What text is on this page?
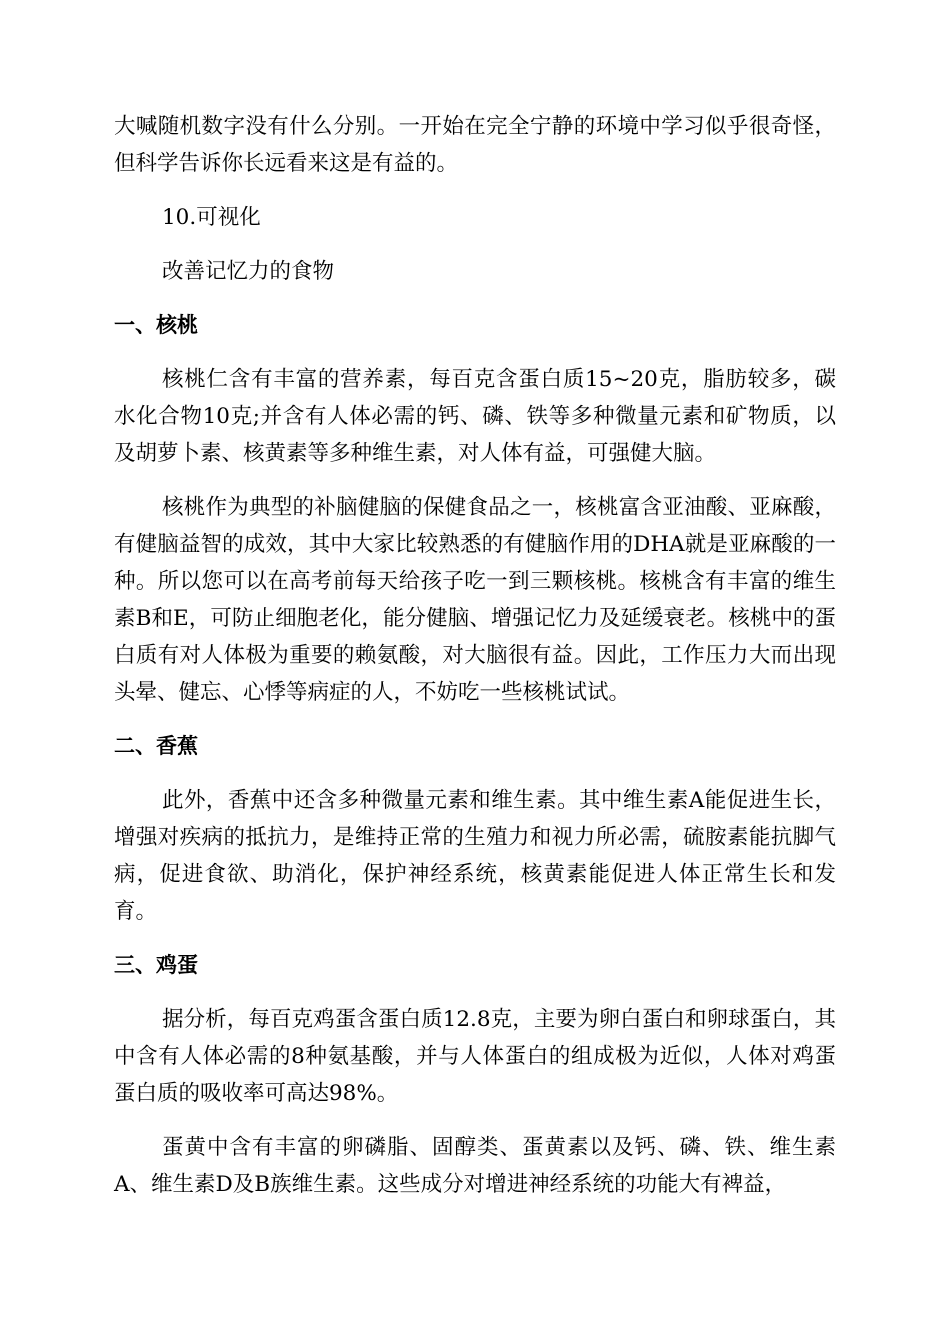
大喊随机数字没有什么分别。一开始在完全宁静的环境中学习似乎很奇怪，但科学告诉你长远看来这是有益的。

10.可视化

改善记忆力的食物

一、核桃

核桃仁含有丰富的营养素，每百克含蛋白质15~20克，脂肪较多，碳水化合物10克;并含有人体必需的钙、磷、铁等多种微量元素和矿物质，以及胡萝卜素、核黄素等多种维生素，对人体有益，可强健大脑。

核桃作为典型的补脑健脑的保健食品之一，核桃富含亚油酸、亚麻酸，有健脑益智的成效，其中大家比较熟悉的有健脑作用的DHA就是亚麻酸的一种。所以您可以在高考前每天给孩子吃一到三颗核桃。核桃含有丰富的维生素B和E，可防止细胞老化，能分健脑、增强记忆力及延缓衰老。核桃中的蛋白质有对人体极为重要的赖氨酸，对大脑很有益。因此，工作压力大而出现头晕、健忘、心悸等病症的人，不妨吃一些核桃试试。

二、香蕉

此外，香蕉中还含多种微量元素和维生素。其中维生素A能促进生长，增强对疾病的抵抗力，是维持正常的生殖力和视力所必需，硫胺素能抗脚气病，促进食欲、助消化，保护神经系统，核黄素能促进人体正常生长和发育。

三、鸡蛋

据分析，每百克鸡蛋含蛋白质12.8克，主要为卵白蛋白和卵球蛋白，其中含有人体必需的8种氨基酸，并与人体蛋白的组成极为近似，人体对鸡蛋蛋白质的吸收率可高达98%。

蛋黄中含有丰富的卵磷脂、固醇类、蛋黄素以及钙、磷、铁、维生素A、维生素D及B族维生素。这些成分对增进神经系统的功能大有裨益，
